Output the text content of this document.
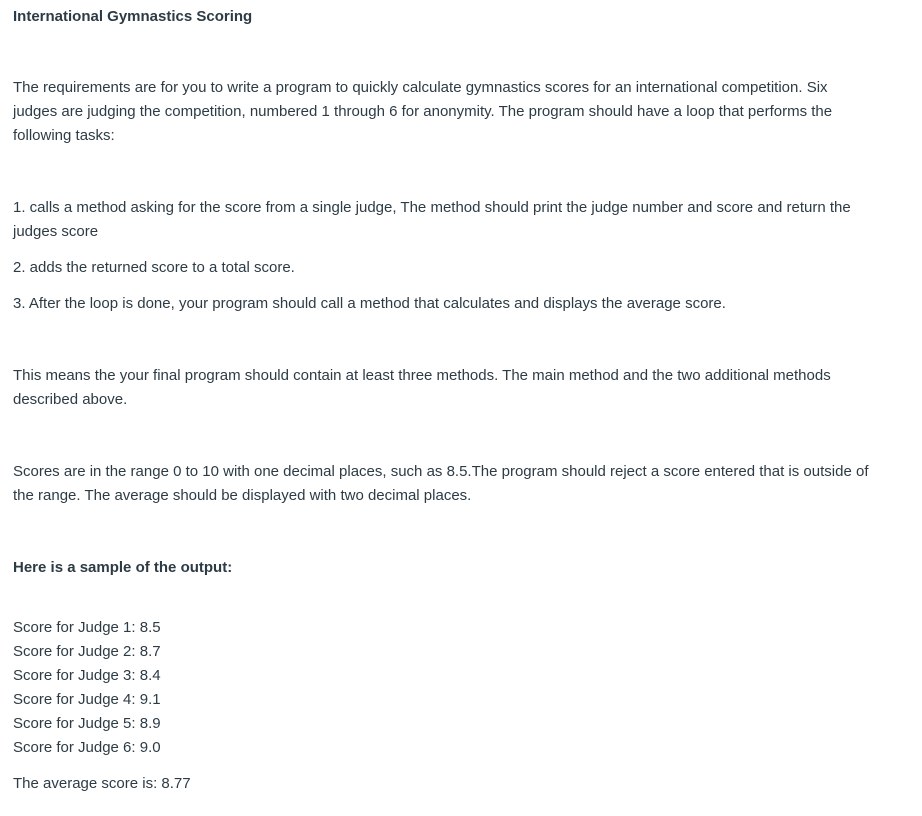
International Gymnastics Scoring

The requirements are for you to write a program to quickly calculate gymnastics scores for an international competition. Six judges are judging the competition, numbered 1 through 6 for anonymity. The program should have a loop that performs the following tasks:

1. calls a method asking for the score from a single judge, The method should print the judge number and score and return the judges score

2. adds the returned score to a total score.

3. After the loop is done, your program should call a method that calculates and displays the average score.

This means the your final program should contain at least three methods. The main method and the two additional methods described above.

Scores are in the range 0 to 10 with one decimal places, such as 8.5.The program should reject a score entered that is outside of the range. The average should be displayed with two decimal places.

Here is a sample of the output:

Score for Judge 1: 8.5
Score for Judge 2: 8.7
Score for Judge 3: 8.4
Score for Judge 4: 9.1
Score for Judge 5: 8.9
Score for Judge 6: 9.0

The average score is: 8.77
